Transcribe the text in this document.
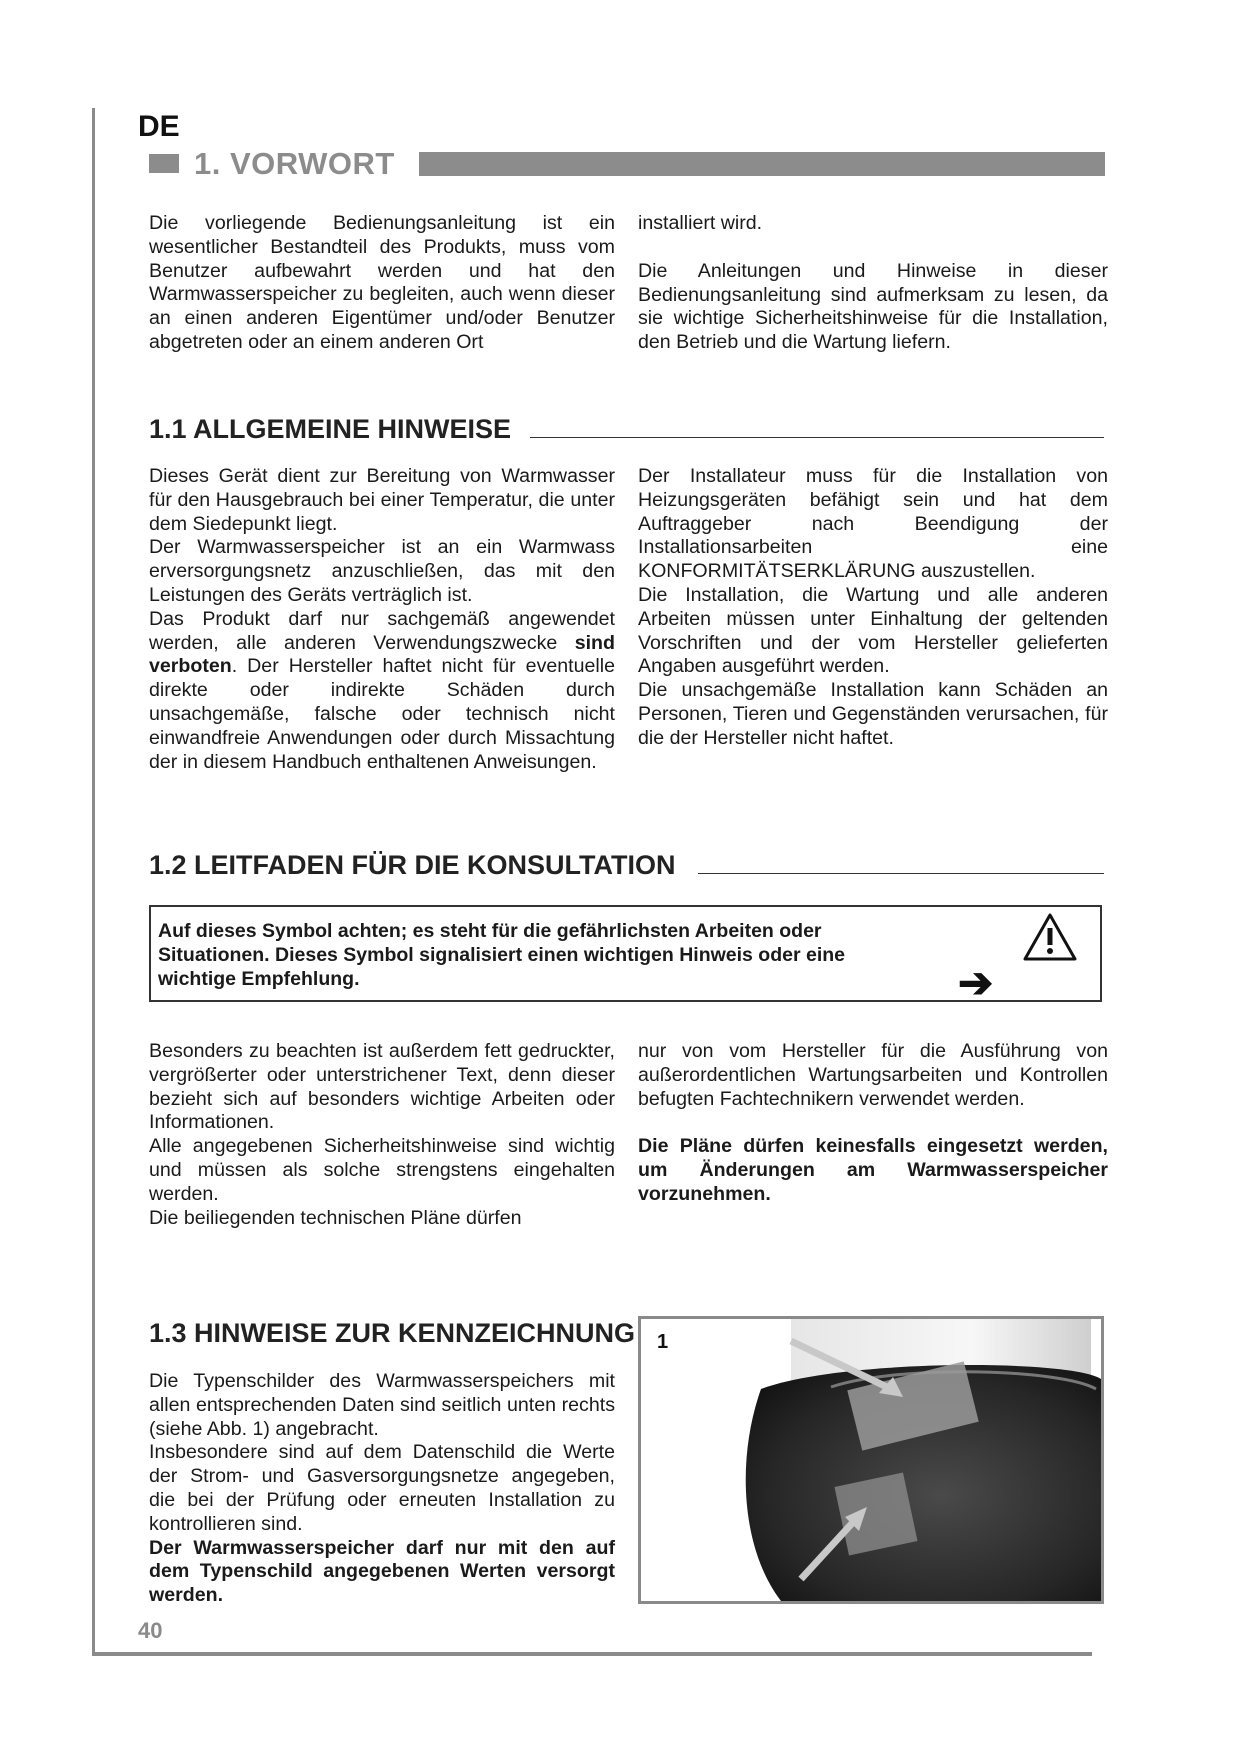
DE
1. VORWORT

Die vorliegende Bedienungsanleitung ist ein wesentlicher Bestandteil des Produkts, muss vom Benutzer aufbewahrt werden und hat den Warmwasserspeicher zu begleiten, auch wenn dieser an einen anderen Eigentümer und/oder Benutzer abgetreten oder an einem anderen Ort

installiert wird.

Die Anleitungen und Hinweise in dieser Bedienungsanleitung sind aufmerksam zu lesen, da sie wichtige Sicherheitshinweise für die Installation, den Betrieb und die Wartung liefern.

1.1 ALLGEMEINE HINWEISE

Dieses Gerät dient zur Bereitung von Warmwasser für den Hausgebrauch bei einer Temperatur, die unter dem Siedepunkt liegt.

Der Warmwasserspeicher ist an ein Warmwass erversorgungsnetz anzuschließen, das mit den Leistungen des Geräts verträglich ist.

Das Produkt darf nur sachgemäß angewendet werden, alle anderen Verwendungszwecke sind verboten. Der Hersteller haftet nicht für eventuelle direkte oder indirekte Schäden durch unsachgemäße, falsche oder technisch nicht einwandfreie Anwendungen oder durch Missachtung der in diesem Handbuch enthaltenen Anweisungen.

Der Installateur muss für die Installation von Heizungsgeräten befähigt sein und hat dem Auftraggeber nach Beendigung der Installationsarbeiten eine KONFORMITÄTSERKLÄRUNG auszustellen.

Die Installation, die Wartung und alle anderen Arbeiten müssen unter Einhaltung der geltenden Vorschriften und der vom Hersteller gelieferten Angaben ausgeführt werden.

Die unsachgemäße Installation kann Schäden an Personen, Tieren und Gegenständen verursachen, für die der Hersteller nicht haftet.

1.2 LEITFADEN FÜR DIE KONSULTATION
Auf dieses Symbol achten; es steht für die gefährlichsten Arbeiten oder Situationen. Dieses Symbol signalisiert einen wichtigen Hinweis oder eine wichtige Empfehlung.	➔

Besonders zu beachten ist außerdem fett gedruckter, vergrößerter oder unterstrichener Text, denn dieser bezieht sich auf besonders wichtige Arbeiten oder Informationen.

Alle angegebenen Sicherheitshinweise sind wichtig und müssen als solche strengstens eingehalten werden.

Die beiliegenden technischen Pläne dürfen

nur von vom Hersteller für die Ausführung von außerordentlichen Wartungsarbeiten und Kontrollen befugten Fachtechnikern verwendet werden.

Die Pläne dürfen keinesfalls eingesetzt werden, um Änderungen am Warmwasserspeicher vorzunehmen.

1.3 HINWEISE ZUR KENNZEICHNUNG

Die Typenschilder des Warmwasserspeichers mit allen entsprechenden Daten sind seitlich unten rechts (siehe Abb. 1) angebracht.

Insbesondere sind auf dem Datenschild die Werte der Strom- und Gasversorgungsnetze angegeben, die bei der Prüfung oder erneuten Installation zu kontrollieren sind.

Der Warmwasserspeicher darf nur mit den auf dem Typenschild angegebenen Werten versorgt werden.

1
40
